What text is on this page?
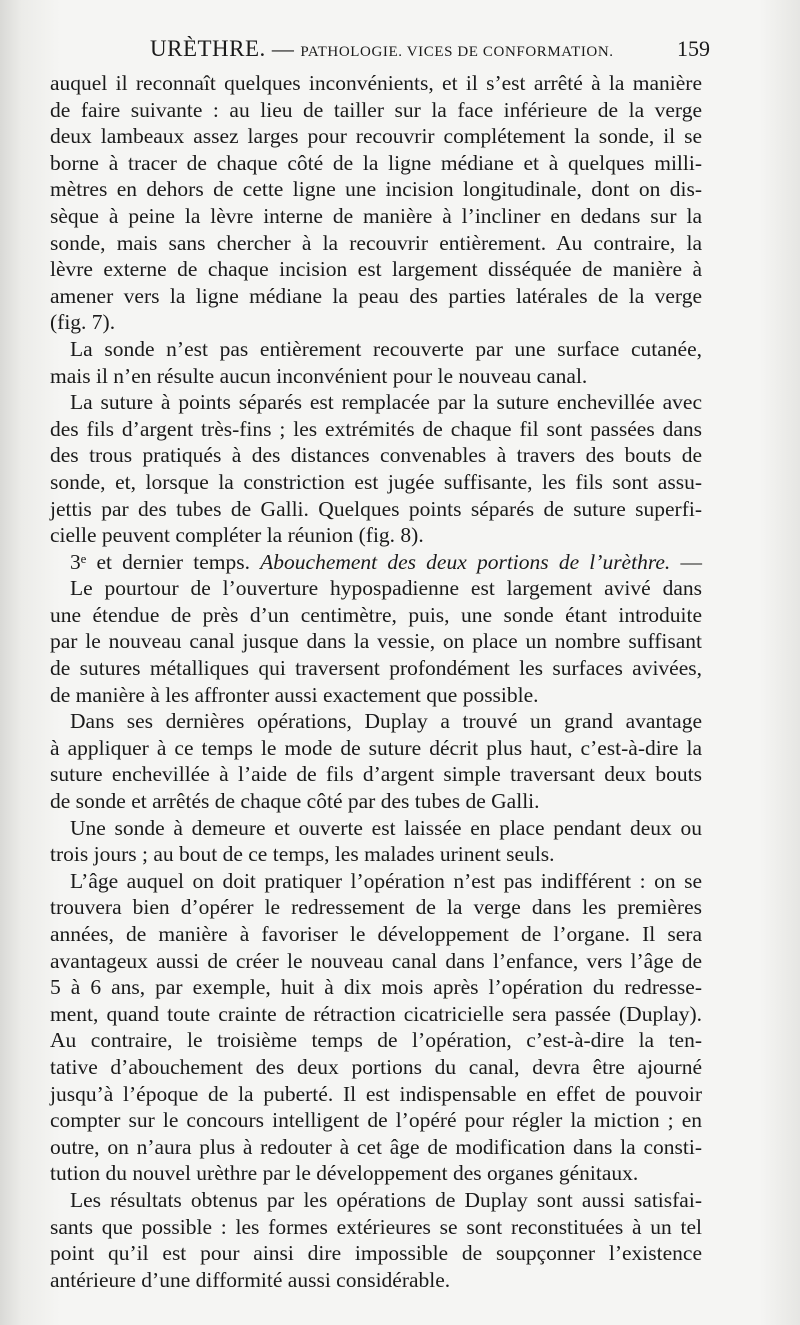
URÈTHRE. — PATHOLOGIE. VICES DE CONFORMATION.	159
auquel il reconnaît quelques inconvénients, et il s’est arrêté à la manière
de faire suivante : au lieu de tailler sur la face inférieure de la verge
deux lambeaux assez larges pour recouvrir complétement la sonde, il se
borne à tracer de chaque côté de la ligne médiane et à quelques milli-
mètres en dehors de cette ligne une incision longitudinale, dont on dis-
sèque à peine la lèvre interne de manière à l’incliner en dedans sur la
sonde, mais sans chercher à la recouvrir entièrement. Au contraire, la
lèvre externe de chaque incision est largement disséquée de manière à
amener vers la ligne médiane la peau des parties latérales de la verge
(fig. 7).
La sonde n’est pas entièrement recouverte par une surface cutanée,
mais il n’en résulte aucun inconvénient pour le nouveau canal.
La suture à points séparés est remplacée par la suture enchevillée avec
des fils d’argent très-fins ; les extrémités de chaque fil sont passées dans
des trous pratiqués à des distances convenables à travers des bouts de
sonde, et, lorsque la constriction est jugée suffisante, les fils sont assu-
jettis par des tubes de Galli. Quelques points séparés de suture superfi-
cielle peuvent compléter la réunion (fig. 8).
3ᵉ et dernier temps. Abouchement des deux portions de l’urèthre. —
Le pourtour de l’ouverture hypospadienne est largement avivé dans
une étendue de près d’un centimètre, puis, une sonde étant introduite
par le nouveau canal jusque dans la vessie, on place un nombre suffisant
de sutures métalliques qui traversent profondément les surfaces avivées,
de manière à les affronter aussi exactement que possible.
Dans ses dernières opérations, Duplay a trouvé un grand avantage
à appliquer à ce temps le mode de suture décrit plus haut, c’est-à-dire la
suture enchevillée à l’aide de fils d’argent simple traversant deux bouts
de sonde et arrêtés de chaque côté par des tubes de Galli.
Une sonde à demeure et ouverte est laissée en place pendant deux ou
trois jours ; au bout de ce temps, les malades urinent seuls.
L’âge auquel on doit pratiquer l’opération n’est pas indifférent : on se
trouvera bien d’opérer le redressement de la verge dans les premières
années, de manière à favoriser le développement de l’organe. Il sera
avantageux aussi de créer le nouveau canal dans l’enfance, vers l’âge de
5 à 6 ans, par exemple, huit à dix mois après l’opération du redresse-
ment, quand toute crainte de rétraction cicatricielle sera passée (Duplay).
Au contraire, le troisième temps de l’opération, c’est-à-dire la ten-
tative d’abouchement des deux portions du canal, devra être ajourné
jusqu’à l’époque de la puberté. Il est indispensable en effet de pouvoir
compter sur le concours intelligent de l’opéré pour régler la miction ; en
outre, on n’aura plus à redouter à cet âge de modification dans la consti-
tution du nouvel urèthre par le développement des organes génitaux.
Les résultats obtenus par les opérations de Duplay sont aussi satisfai-
sants que possible : les formes extérieures se sont reconstituées à un tel
point qu’il est pour ainsi dire impossible de soupçonner l’existence
antérieure d’une difformité aussi considérable.
